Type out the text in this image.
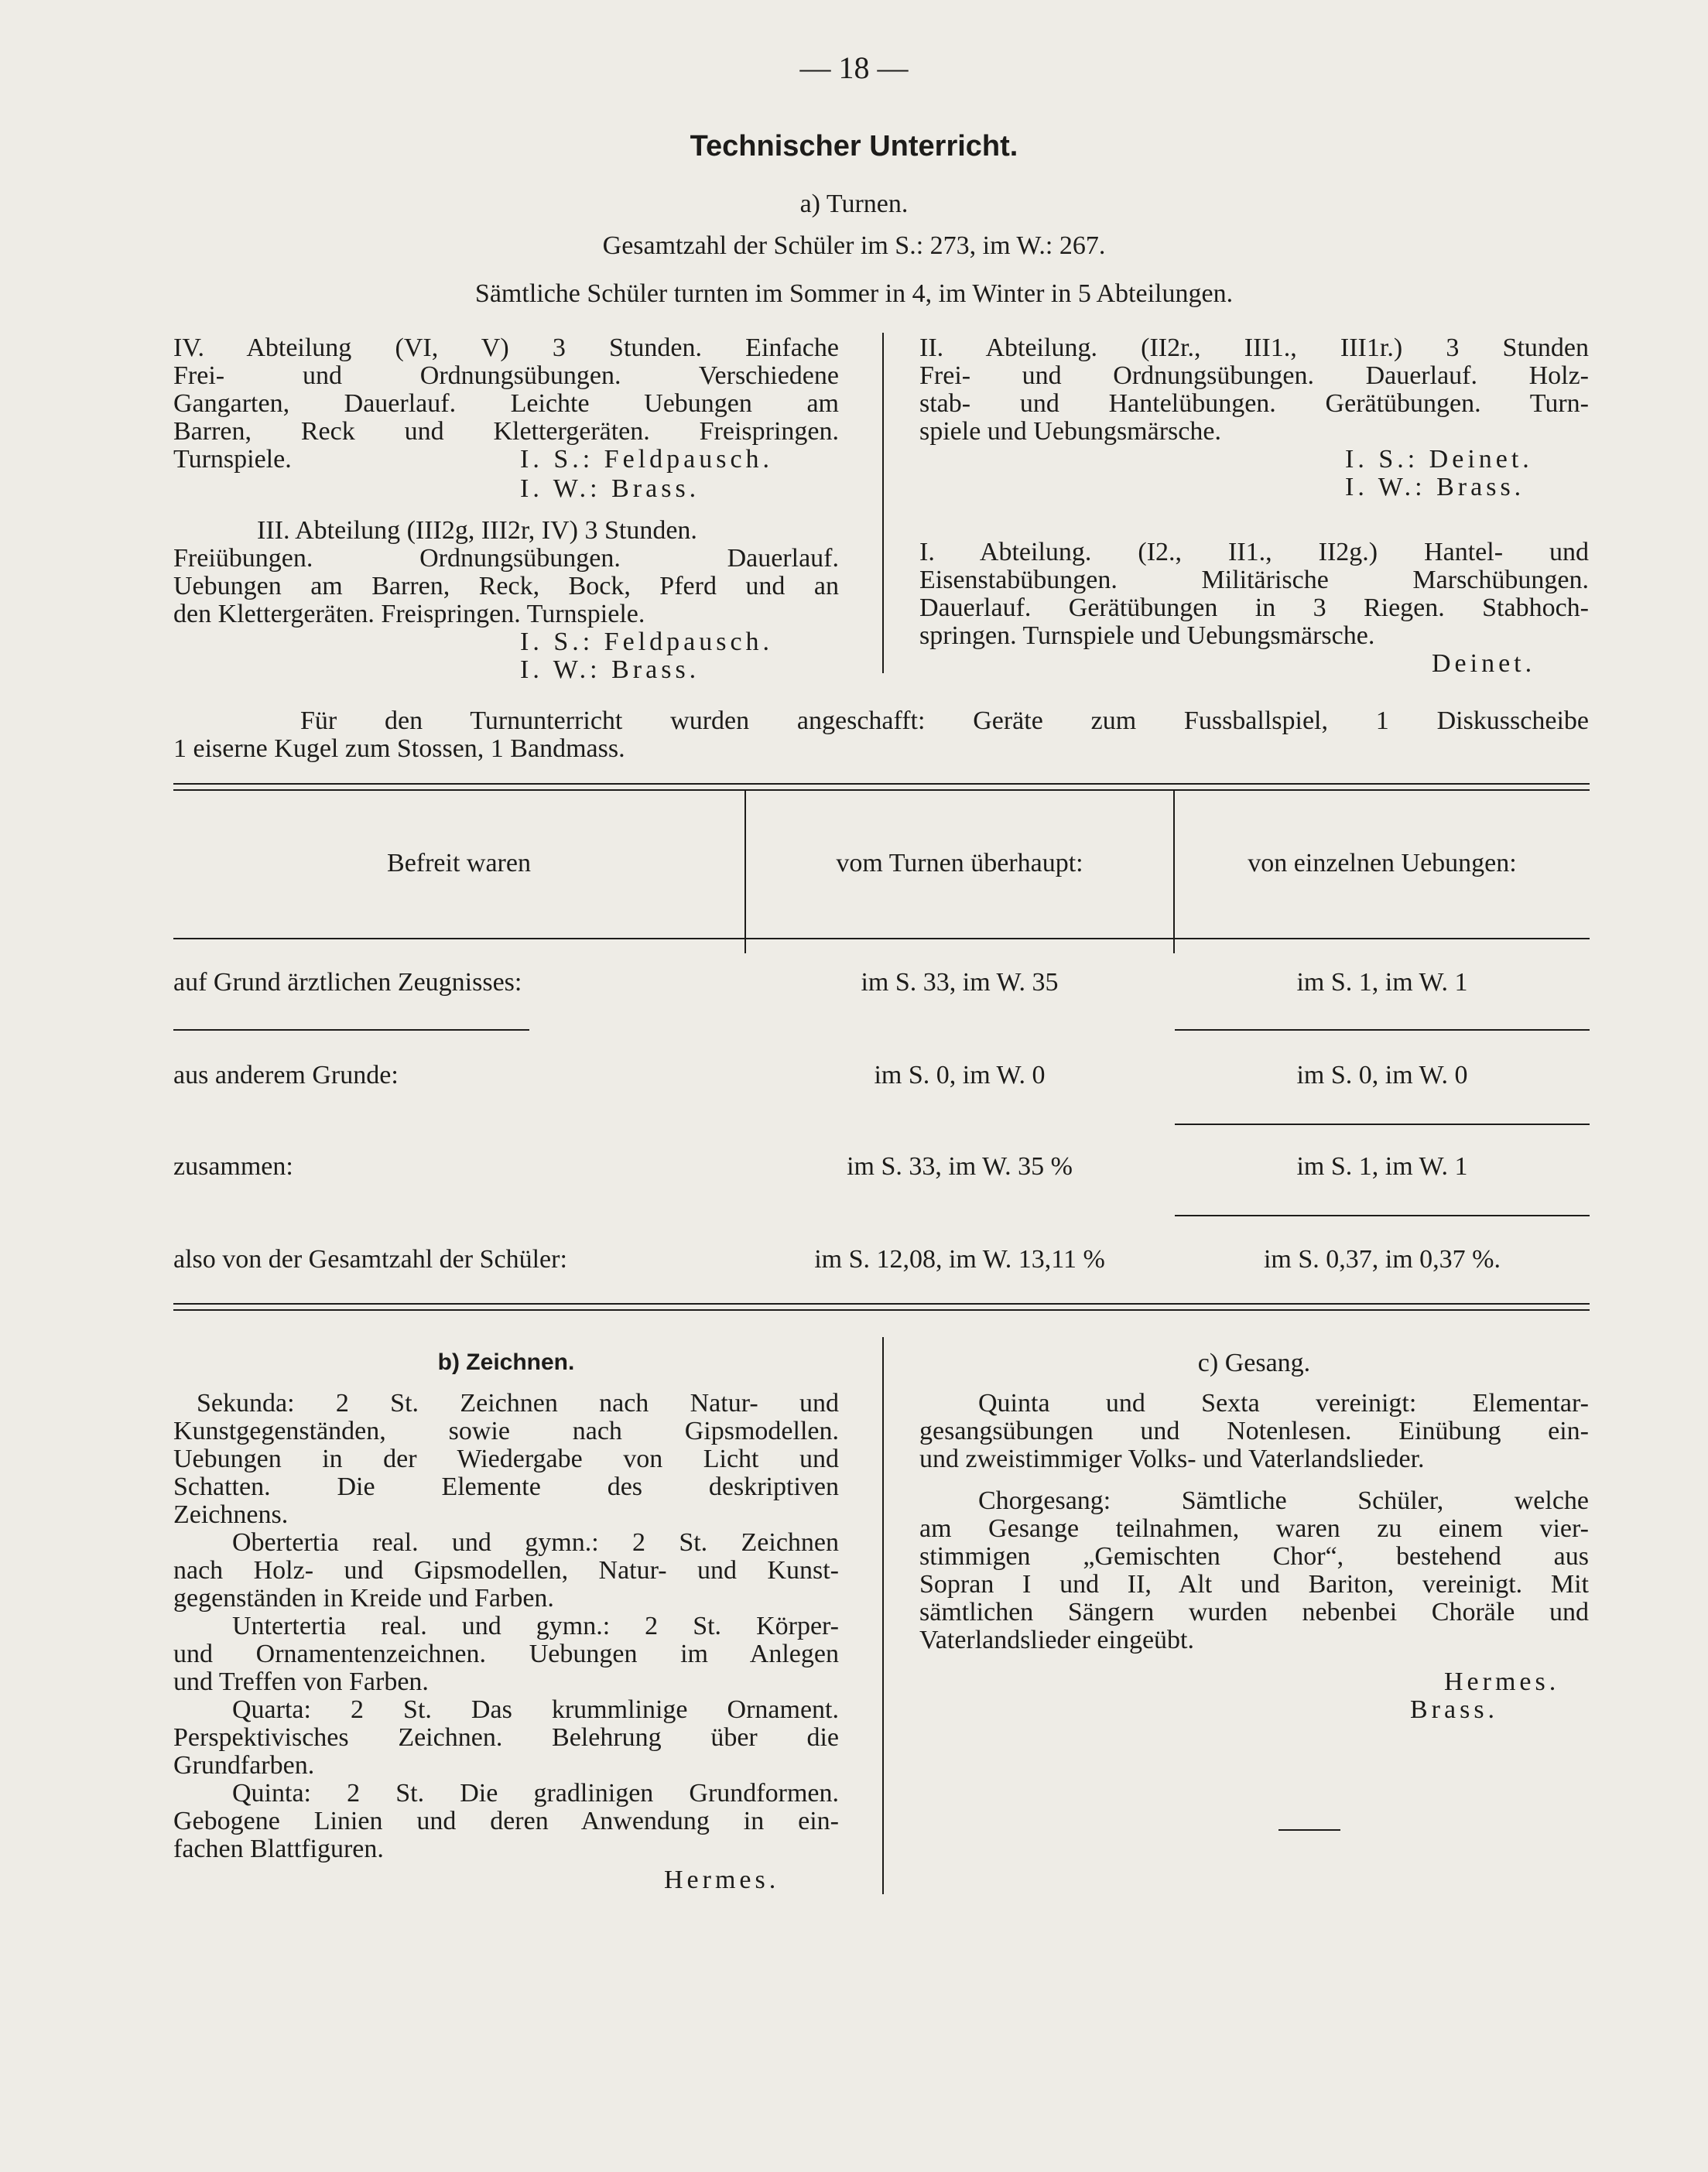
— 18 —
Technischer Unterricht.
a) Turnen.
Gesamtzahl der Schüler im S.: 273, im W.: 267.
Sämtliche Schüler turnten im Sommer in 4, im Winter in 5 Abteilungen.
IV. Abteilung (VI, V) 3 Stunden. Einfache
Frei- und Ordnungsübungen. Verschiedene
Gangarten, Dauerlauf. Leichte Uebungen am
Barren, Reck und Klettergeräten. Freispringen.
Turnspiele.	I. S.: Feldpausch.
I. W.: Brass.
III. Abteilung (III2g, III2r, IV) 3 Stunden.
Freiübungen. Ordnungsübungen. Dauerlauf.
Uebungen am Barren, Reck, Bock, Pferd und an
den Klettergeräten. Freispringen. Turnspiele.
I. S.: Feldpausch.
I. W.: Brass.
II. Abteilung. (II2r., III1., III1r.) 3 Stunden
Frei- und Ordnungsübungen. Dauerlauf. Holz-
stab- und Hantelübungen. Gerätübungen. Turn-
spiele und Uebungsmärsche.
I. S.: Deinet.
I. W.: Brass.
I. Abteilung. (I2., II1., II2g.) Hantel- und
Eisenstabübungen. Militärische Marschübungen.
Dauerlauf. Gerätübungen in 3 Riegen. Stabhoch-
springen. Turnspiele und Uebungsmärsche.
Deinet.
Für den Turnunterricht wurden angeschafft: Geräte zum Fussballspiel, 1 Diskusscheibe
1 eiserne Kugel zum Stossen, 1 Bandmass.
Befreit waren	vom Turnen überhaupt:	von einzelnen Uebungen:
auf Grund ärztlichen Zeugnisses:	im S. 33, im W. 35	im S. 1, im W. 1
aus anderem Grunde:	im S. 0, im W. 0	im S. 0, im W. 0
zusammen:	im S. 33, im W. 35 %	im S. 1, im W. 1
also von der Gesamtzahl der Schüler:	im S. 12,08, im W. 13,11 %	im S. 0,37, im 0,37 %.
b) Zeichnen.
Sekunda: 2 St. Zeichnen nach Natur- und
Kunstgegenständen, sowie nach Gipsmodellen.
Uebungen in der Wiedergabe von Licht und
Schatten. Die Elemente des deskriptiven
Zeichnens.
Obertertia real. und gymn.: 2 St. Zeichnen
nach Holz- und Gipsmodellen, Natur- und Kunst-
gegenständen in Kreide und Farben.
Untertertia real. und gymn.: 2 St. Körper-
und Ornamentenzeichnen. Uebungen im Anlegen
und Treffen von Farben.
Quarta: 2 St. Das krummlinige Ornament.
Perspektivisches Zeichnen. Belehrung über die
Grundfarben.
Quinta: 2 St. Die gradlinigen Grundformen.
Gebogene Linien und deren Anwendung in ein-
fachen Blattfiguren.
Hermes.
c) Gesang.
Quinta und Sexta vereinigt: Elementar-
gesangsübungen und Notenlesen. Einübung ein-
und zweistimmiger Volks- und Vaterlandslieder.
Chorgesang: Sämtliche Schüler, welche
am Gesange teilnahmen, waren zu einem vier-
stimmigen „Gemischten Chor“, bestehend aus
Sopran I und II, Alt und Bariton, vereinigt. Mit
sämtlichen Sängern wurden nebenbei Choräle und
Vaterlandslieder eingeübt.
Hermes.
Brass.
